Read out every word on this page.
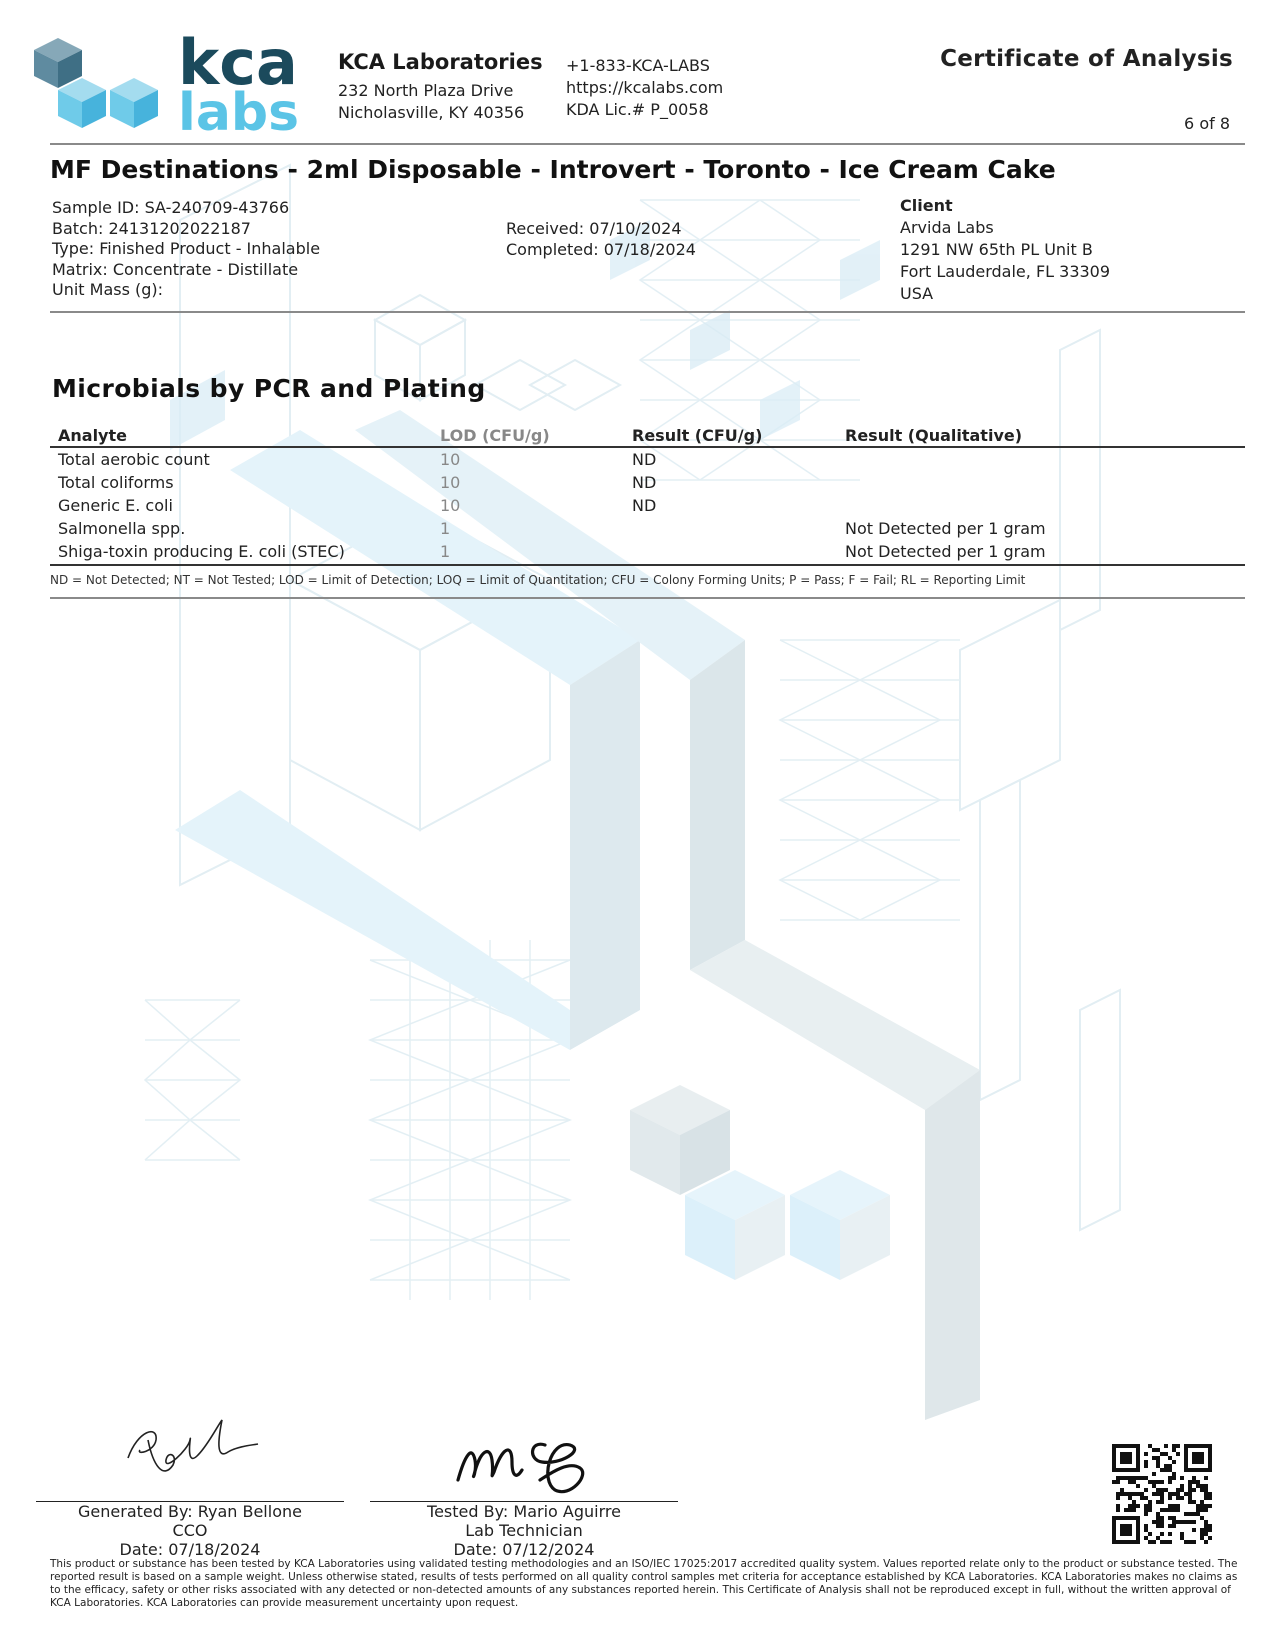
kca
labs
KCA Laboratories
232 North Plaza Drive
Nicholasville, KY 40356
+1-833-KCA-LABS
https://kcalabs.com
KDA Lic.# P_0058
Certificate of Analysis
6 of 8
MF Destinations - 2ml Disposable - Introvert - Toronto - Ice Cream Cake
Sample ID: SA-240709-43766
Batch: 24131202022187
Type: Finished Product - Inhalable
Matrix: Concentrate - Distillate
Unit Mass (g):
Received: 07/10/2024
Completed: 07/18/2024
Client
Arvida Labs
1291 NW 65th PL Unit B
Fort Lauderdale, FL 33309
USA
Microbials by PCR and Plating
Analyte	LOD (CFU/g)	Result (CFU/g)	Result (Qualitative)
Total aerobic count	10	ND	
Total coliforms	10	ND	
Generic E. coli	10	ND	
Salmonella spp.	1		Not Detected per 1 gram
Shiga-toxin producing E. coli (STEC)	1		Not Detected per 1 gram
ND = Not Detected; NT = Not Tested; LOD = Limit of Detection; LOQ = Limit of Quantitation; CFU = Colony Forming Units; P = Pass; F = Fail; RL = Reporting Limit
Generated By: Ryan Bellone
CCO
Date: 07/18/2024
Tested By: Mario Aguirre
Lab Technician
Date: 07/12/2024
This product or substance has been tested by KCA Laboratories using validated testing methodologies and an ISO/IEC 17025:2017 accredited quality system. Values reported relate only to the product or substance tested. The reported result is based on a sample weight. Unless otherwise stated, results of tests performed on all quality control samples met criteria for acceptance established by KCA Laboratories. KCA Laboratories makes no claims as to the efficacy, safety or other risks associated with any detected or non-detected amounts of any substances reported herein. This Certificate of Analysis shall not be reproduced except in full, without the written approval of KCA Laboratories. KCA Laboratories can provide measurement uncertainty upon request.
